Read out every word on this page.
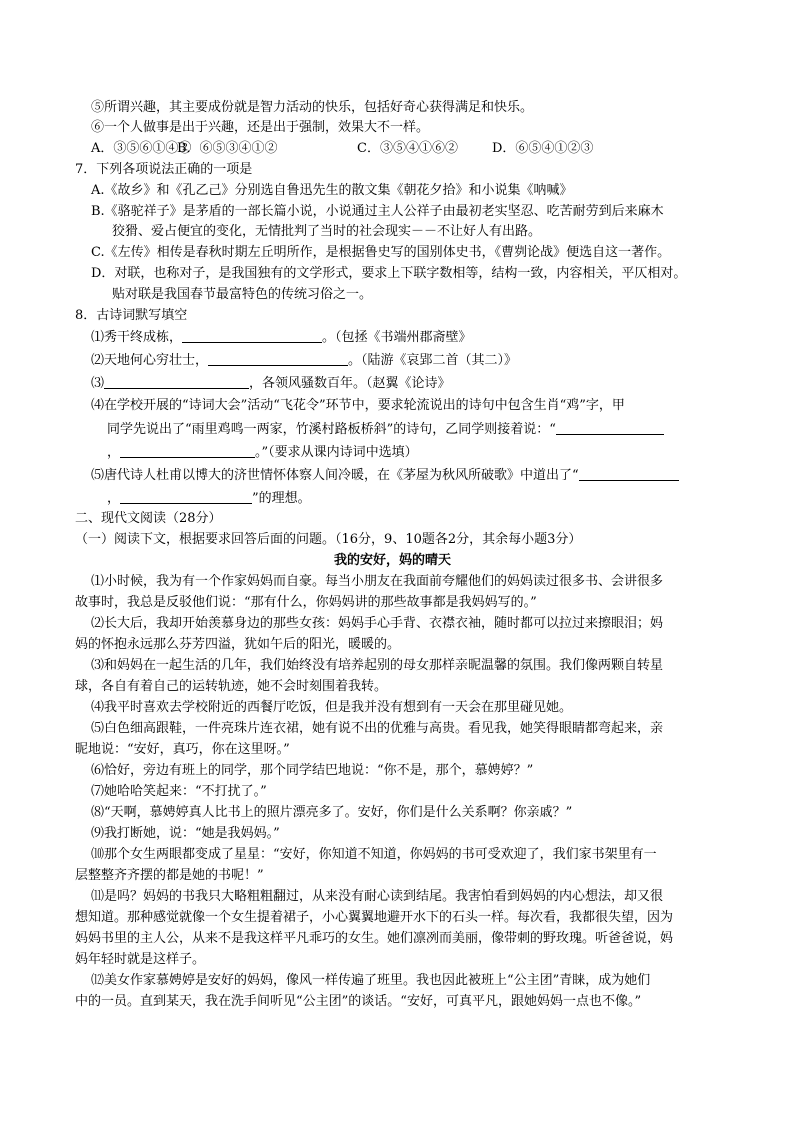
⑤所谓兴趣，其主要成份就是智力活动的快乐，包括好奇心获得满足和快乐。
⑥一个人做事是出于兴趣，还是出于强制，效果大不一样。
A．③⑤⑥①④②
B．⑥⑤③④①②	C．③⑤④①⑥②	D．⑥⑤④①②③
7．下列各项说法正确的一项是
A.《故乡》和《孔乙己》分别选自鲁迅先生的散文集《朝花夕拾》和小说集《呐喊》
B.《骆驼祥子》是茅盾的一部长篇小说，小说通过主人公祥子由最初老实坚忍、吃苦耐劳到后来麻木
狡猾、爱占便宜的变化，无情批判了当时的社会现实－－不让好人有出路。
C.《左传》相传是春秋时期左丘明所作，是根据鲁史写的国别体史书，《曹刿论战》便选自这一著作。
D．对联，也称对子，是我国独有的文学形式，要求上下联字数相等，结构一致，内容相关，平仄相对。
贴对联是我国春节最富特色的传统习俗之一。
8．古诗词默写填空
⑴秀干终成栋，	。（包拯《书端州郡斋壁》
⑵天地何心穷壮士，	。（陆游《哀郢二首（其二）》
⑶	，各领风骚数百年。（赵翼《论诗》
⑷在学校开展的“诗词大会”活动“飞花令”环节中，要求轮流说出的诗句中包含生肖“鸡”字，甲
同学先说出了“雨里鸡鸣一两家，竹溪村路板桥斜”的诗句，乙同学则接着说：“
，	。”（要求从课内诗词中选填）
⑸唐代诗人杜甫以博大的济世情怀体察人间冷暖，在《茅屋为秋风所破歌》中道出了“
，	”的理想。
二、现代文阅读（28分）
（一）阅读下文，根据要求回答后面的问题。（16分，9、10题各2分，其余每小题3分）
我的安好，妈的晴天
⑴小时候，我为有一个作家妈妈而自豪。每当小朋友在我面前夸耀他们的妈妈读过很多书、会讲很多
故事时，我总是反驳他们说：“那有什么，你妈妈讲的那些故事都是我妈妈写的。”
⑵长大后，我却开始羡慕身边的那些女孩：妈妈手心手背、衣襟衣袖，随时都可以拉过来擦眼泪；妈
妈的怀抱永远那么芬芳四溢，犹如午后的阳光，暖暖的。
⑶和妈妈在一起生活的几年，我们始终没有培养起别的母女那样亲昵温馨的氛围。我们像两颗自转星
球，各自有着自己的运转轨迹，她不会时刻围着我转。
⑷我平时喜欢去学校附近的西餐厅吃饭，但是我并没有想到有一天会在那里碰见她。
⑸白色细高跟鞋，一件亮珠片连衣裙，她有说不出的优雅与高贵。看见我，她笑得眼睛都弯起来，亲
昵地说：“安好，真巧，你在这里呀。”
⑹恰好，旁边有班上的同学，那个同学结巴地说：“你不是，那个，慕娉婷？”
⑺她哈哈笑起来：“不打扰了。”
⑻“天啊，慕娉婷真人比书上的照片漂亮多了。安好，你们是什么关系啊？你亲戚？”
⑼我打断她，说：“她是我妈妈。”
⑽那个女生两眼都变成了星星：“安好，你知道不知道，你妈妈的书可受欢迎了，我们家书架里有一
层整整齐齐摆的都是她的书呢！”
⑾是吗？妈妈的书我只大略粗粗翻过，从来没有耐心读到结尾。我害怕看到妈妈的内心想法，却又很
想知道。那种感觉就像一个女生提着裙子，小心翼翼地避开水下的石头一样。每次看，我都很失望，因为
妈妈书里的主人公，从来不是我这样平凡乖巧的女生。她们凛冽而美丽，像带刺的野玫瑰。听爸爸说，妈
妈年轻时就是这样子。
⑿美女作家慕娉婷是安好的妈妈，像风一样传遍了班里。我也因此被班上“公主团”青睐，成为她们
中的一员。直到某天，我在洗手间听见“公主团”的谈话。“安好，可真平凡，跟她妈妈一点也不像。”
